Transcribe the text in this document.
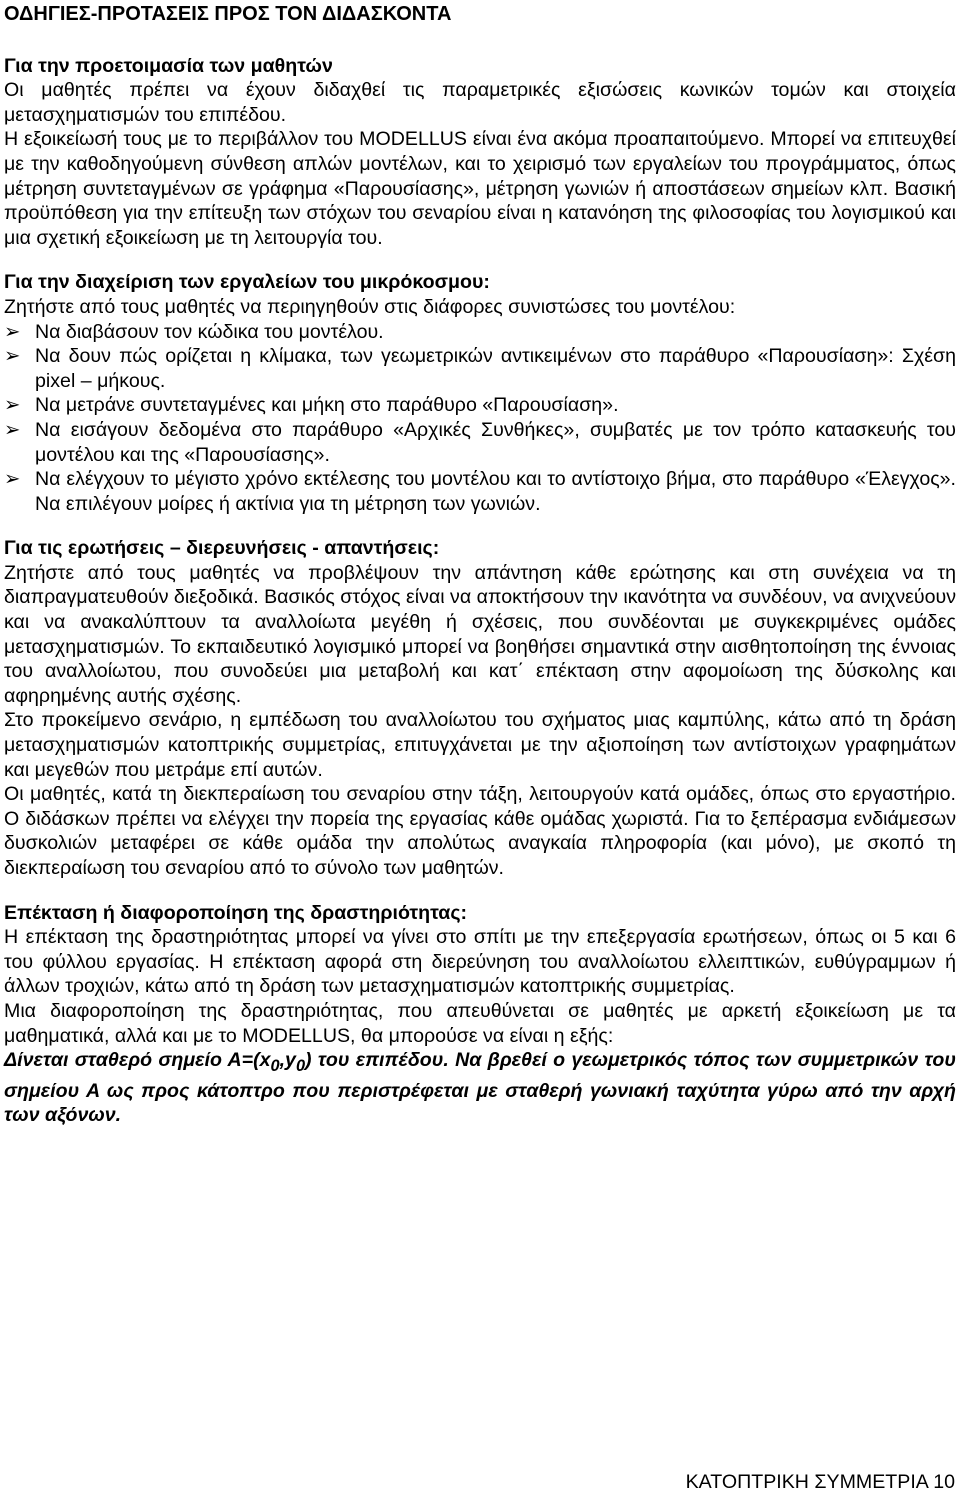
ΟΔΗΓΙΕΣ-ΠΡΟΤΑΣΕΙΣ ΠΡΟΣ ΤΟΝ ΔΙΔΑΣΚΟΝΤΑ
Για την προετοιμασία των μαθητών
Οι μαθητές πρέπει να έχουν διδαχθεί τις παραμετρικές εξισώσεις κωνικών τομών και στοιχεία μετασχηματισμών του επιπέδου.
Η εξοικείωσή τους με το περιβάλλον του MODELLUS είναι ένα ακόμα προαπαιτούμενο. Μπορεί να επιτευχθεί με την καθοδηγούμενη σύνθεση απλών μοντέλων, και το χειρισμό των εργαλείων του προγράμματος, όπως μέτρηση συντεταγμένων σε γράφημα «Παρουσίασης», μέτρηση γωνιών ή αποστάσεων σημείων κλπ. Βασική προϋπόθεση για την επίτευξη των στόχων του σεναρίου είναι η κατανόηση της φιλοσοφίας του λογισμικού και μια σχετική εξοικείωση με τη λειτουργία του.
Για την διαχείριση των εργαλείων του μικρόκοσμου:
Ζητήστε από τους μαθητές να περιηγηθούν στις διάφορες συνιστώσες του μοντέλου:
➢ Να διαβάσουν τον κώδικα του μοντέλου.
➢ Να δουν πώς ορίζεται η κλίμακα, των γεωμετρικών αντικειμένων στο παράθυρο «Παρουσίαση»: Σχέση pixel – μήκους.
➢ Να μετράνε συντεταγμένες και μήκη στο παράθυρο «Παρουσίαση».
➢ Να εισάγουν δεδομένα στο παράθυρο «Αρχικές Συνθήκες», συμβατές με τον τρόπο κατασκευής του μοντέλου και της «Παρουσίασης».
➢ Να ελέγχουν το μέγιστο χρόνο εκτέλεσης του μοντέλου και το αντίστοιχο βήμα, στο παράθυρο «Έλεγχος». Να επιλέγουν μοίρες ή ακτίνια για τη μέτρηση των γωνιών.
Για τις ερωτήσεις – διερευνήσεις - απαντήσεις:
Ζητήστε από τους μαθητές να προβλέψουν την απάντηση κάθε ερώτησης και στη συνέχεια να τη διαπραγματευθούν διεξοδικά. Βασικός στόχος είναι να αποκτήσουν την ικανότητα να συνδέουν, να ανιχνεύουν και να ανακαλύπτουν τα αναλλοίωτα μεγέθη ή σχέσεις, που συνδέονται με συγκεκριμένες ομάδες μετασχηματισμών. Το εκπαιδευτικό λογισμικό μπορεί να βοηθήσει σημαντικά στην αισθητοποίηση της έννοιας του αναλλοίωτου, που συνοδεύει μια μεταβολή και κατ΄ επέκταση στην αφομοίωση της δύσκολης και αφηρημένης αυτής σχέσης.
Στο προκείμενο σενάριο, η εμπέδωση του αναλλοίωτου του σχήματος μιας καμπύλης, κάτω από τη δράση μετασχηματισμών κατοπτρικής συμμετρίας, επιτυγχάνεται με την αξιοποίηση των αντίστοιχων γραφημάτων και μεγεθών που μετράμε επί αυτών.
Οι μαθητές, κατά τη διεκπεραίωση του σεναρίου στην τάξη, λειτουργούν κατά ομάδες, όπως στο εργαστήριο. Ο διδάσκων πρέπει να ελέγχει την πορεία της εργασίας κάθε ομάδας χωριστά. Για το ξεπέρασμα ενδιάμεσων δυσκολιών μεταφέρει σε κάθε ομάδα την απολύτως αναγκαία πληροφορία (και μόνο), με σκοπό τη διεκπεραίωση του σεναρίου από το σύνολο των μαθητών.
Επέκταση ή διαφοροποίηση της δραστηριότητας:
Η επέκταση της δραστηριότητας μπορεί να γίνει στο σπίτι με την επεξεργασία ερωτήσεων, όπως οι 5 και 6 του φύλλου εργασίας. Η επέκταση αφορά στη διερεύνηση του αναλλοίωτου ελλειπτικών, ευθύγραμμων ή άλλων τροχιών, κάτω από τη δράση των μετασχηματισμών κατοπτρικής συμμετρίας.
Μια διαφοροποίηση της δραστηριότητας, που απευθύνεται σε μαθητές με αρκετή εξοικείωση με τα μαθηματικά, αλλά και με το MODELLUS, θα μπορούσε να είναι η εξής:
Δίνεται σταθερό σημείο $A=(x_0,y_0)$ του επιπέδου. Να βρεθεί ο γεωμετρικός τόπος των συμμετρικών του σημείου Α ως προς κάτοπτρο που περιστρέφεται με σταθερή γωνιακή ταχύτητα γύρω από την αρχή των αξόνων.
ΚΑΤΟΠΤΡΙΚΗ ΣΥΜΜΕΤΡΙΑ 10
